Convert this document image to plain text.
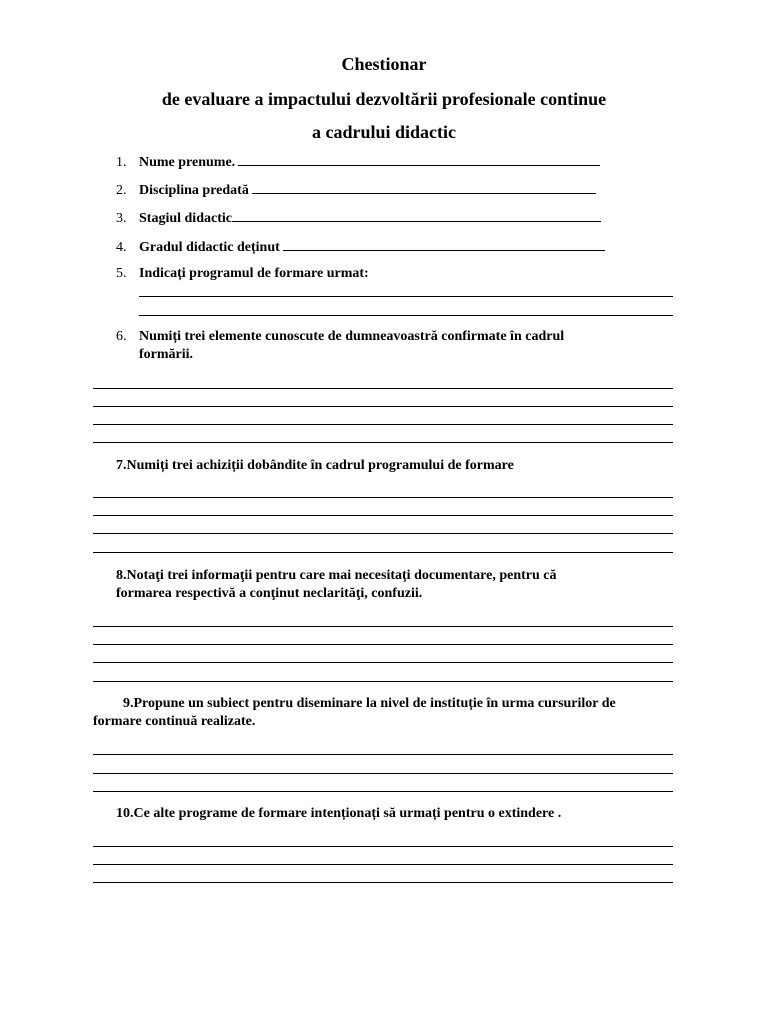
Chestionar
de evaluare a impactului dezvoltării profesionale continue
a cadrului didactic
1. Nume prenume.
2. Disciplina predată
3. Stagiul didactic
4. Gradul didactic deținut
5. Indicați programul de formare urmat:
6. Numiți trei elemente cunoscute de dumneavoastră confirmate în cadrul
formării.
7.Numiți trei achiziții dobândite în cadrul programului de formare
8.Notaţi trei informaţii pentru care mai necesitați documentare, pentru că
formarea respectivă a conţinut neclarităţi, confuzii.
9.Propune un subiect pentru diseminare la nivel de instituție în urma cursurilor de
formare continuă realizate.
10.Ce alte programe de formare intenționați să urmați pentru o extindere .
